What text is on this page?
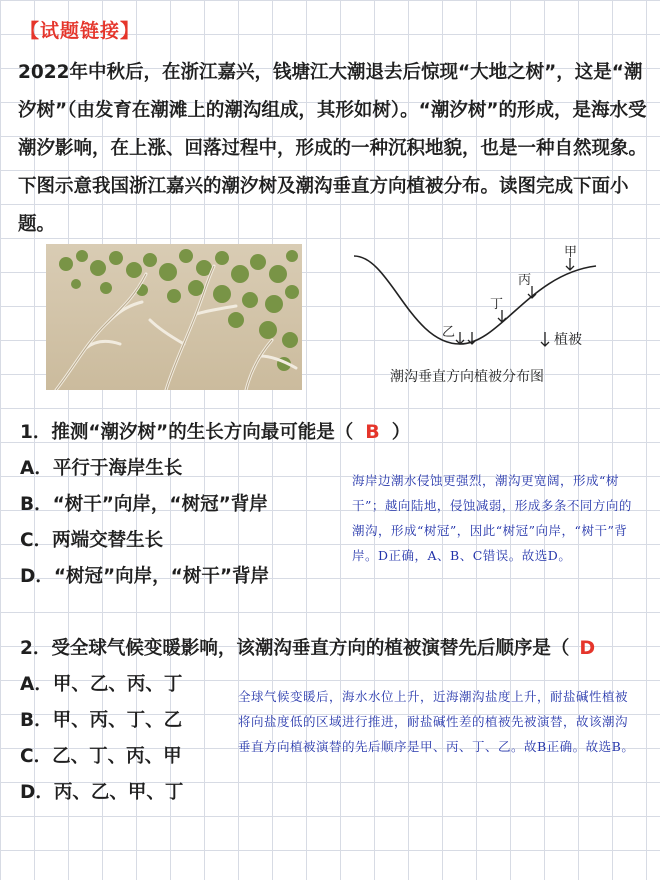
【试题链接】
2022年中秋后，在浙江嘉兴，钱塘江大潮退去后惊现“大地之树”，这是“潮汐树”（由发育在潮滩上的潮沟组成，其形如树）。“潮汐树”的形成，是海水受潮汐影响，在上涨、回落过程中，形成的一种沉积地貌，也是一种自然现象。下图示意我国浙江嘉兴的潮汐树及潮沟垂直方向植被分布。读图完成下面小题。
甲
丙
丁
乙	植被
潮沟垂直方向植被分布图
1．推测“潮汐树”的生长方向最可能是（ B ）
A．平行于海岸生长
B．“树干”向岸，“树冠”背岸
C．两端交替生长
D．“树冠”向岸，“树干”背岸
海岸边潮水侵蚀更强烈，潮沟更宽阔，形成“树干”；越向陆地，侵蚀减弱，形成多条不同方向的潮沟，形成“树冠”，因此“树冠”向岸，“树干”背岸。D正确，A、B、C错误。故选D。
2．受全球气候变暖影响，该潮沟垂直方向的植被演替先后顺序是（ D
A．甲、乙、丙、丁
B．甲、丙、丁、乙
C．乙、丁、丙、甲
D．丙、乙、甲、丁
全球气候变暖后，海水水位上升，近海潮沟盐度上升，耐盐碱性植被将向盐度低的区域进行推进，耐盐碱性差的植被先被演替，故该潮沟垂直方向植被演替的先后顺序是甲、丙、丁、乙。故B正确。故选B。
